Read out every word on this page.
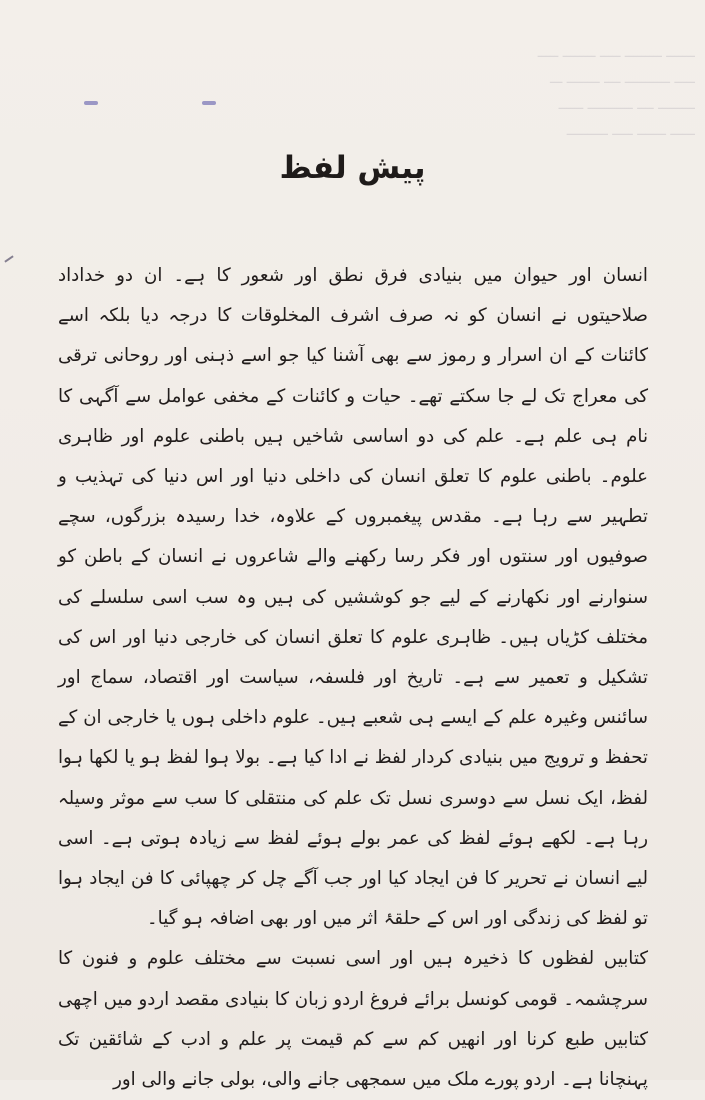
ـــــــ ـــــــــ ـــــ ــــــــ ـــــ
ـــــ ـــــــــــ ــــ ــــــــ ـــ
ـــــــــ ــــ ـــــــــــ ــــــ
ــــــ ـــــــ ـــــ ــــــــــ
پیش لفظ

انسان اور حیوان میں بنیادی فرق نطق اور شعور کا ہے۔ ان دو خداداد صلاحیتوں نے انسان کو نہ صرف اشرف المخلوقات کا درجہ دیا بلکہ اسے کائنات کے ان اسرار و رموز سے بھی آشنا کیا جو اسے ذہنی اور روحانی ترقی کی معراج تک لے جا سکتے تھے۔ حیات و کائنات کے مخفی عوامل سے آگہی کا نام ہی علم ہے۔ علم کی دو اساسی شاخیں ہیں باطنی علوم اور ظاہری علوم۔ باطنی علوم کا تعلق انسان کی داخلی دنیا اور اس دنیا کی تہذیب و تطہیر سے رہا ہے۔ مقدس پیغمبروں کے علاوہ، خدا رسیدہ بزرگوں، سچے صوفیوں اور سنتوں اور فکر رسا رکھنے والے شاعروں نے انسان کے باطن کو سنوارنے اور نکھارنے کے لیے جو کوششیں کی ہیں وہ سب اسی سلسلے کی مختلف کڑیاں ہیں۔ ظاہری علوم کا تعلق انسان کی خارجی دنیا اور اس کی تشکیل و تعمیر سے ہے۔ تاریخ اور فلسفہ، سیاست اور اقتصاد، سماج اور سائنس وغیرہ علم کے ایسے ہی شعبے ہیں۔ علوم داخلی ہوں یا خارجی ان کے تحفظ و ترویج میں بنیادی کردار لفظ نے ادا کیا ہے۔ بولا ہوا لفظ ہو یا لکھا ہوا لفظ، ایک نسل سے دوسری نسل تک علم کی منتقلی کا سب سے موثر وسیلہ رہا ہے۔ لکھے ہوئے لفظ کی عمر بولے ہوئے لفظ سے زیادہ ہوتی ہے۔ اسی لیے انسان نے تحریر کا فن ایجاد کیا اور جب آگے چل کر چھپائی کا فن ایجاد ہوا تو لفظ کی زندگی اور اس کے حلقۂ اثر میں اور بھی اضافہ ہو گیا۔

کتابیں لفظوں کا ذخیرہ ہیں اور اسی نسبت سے مختلف علوم و فنون کا سرچشمہ۔ قومی کونسل برائے فروغ اردو زبان کا بنیادی مقصد اردو میں اچھی کتابیں طبع کرنا اور انھیں کم سے کم قیمت پر علم و ادب کے شائقین تک پہنچانا ہے۔ اردو پورے ملک میں سمجھی جانے والی، بولی جانے والی اور
